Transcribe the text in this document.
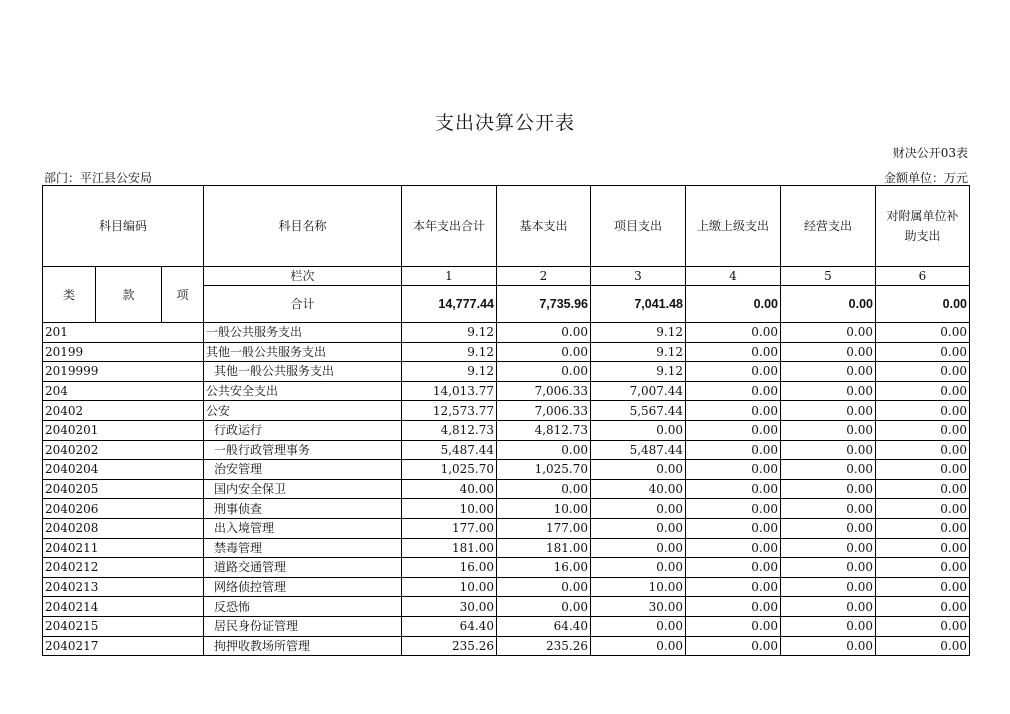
支出决算公开表
财决公开03表
部门：平江县公安局	金额单位：万元
科目编码			科目名称	本年支出合计	基本支出	项目支出	上缴上级支出	经营支出	对附属单位补助支出
类	款	项	栏次	1	2	3	4	5	6
			合计	14,777.44	7,735.96	7,041.48	0.00	0.00	0.00
201			一般公共服务支出	9.12	0.00	9.12	0.00	0.00	0.00
20199			其他一般公共服务支出	9.12	0.00	9.12	0.00	0.00	0.00
2019999			其他一般公共服务支出	9.12	0.00	9.12	0.00	0.00	0.00
204			公共安全支出	14,013.77	7,006.33	7,007.44	0.00	0.00	0.00
20402			公安	12,573.77	7,006.33	5,567.44	0.00	0.00	0.00
2040201			行政运行	4,812.73	4,812.73	0.00	0.00	0.00	0.00
2040202			一般行政管理事务	5,487.44	0.00	5,487.44	0.00	0.00	0.00
2040204			治安管理	1,025.70	1,025.70	0.00	0.00	0.00	0.00
2040205			国内安全保卫	40.00	0.00	40.00	0.00	0.00	0.00
2040206			刑事侦查	10.00	10.00	0.00	0.00	0.00	0.00
2040208			出入境管理	177.00	177.00	0.00	0.00	0.00	0.00
2040211			禁毒管理	181.00	181.00	0.00	0.00	0.00	0.00
2040212			道路交通管理	16.00	16.00	0.00	0.00	0.00	0.00
2040213			网络侦控管理	10.00	0.00	10.00	0.00	0.00	0.00
2040214			反恐怖	30.00	0.00	30.00	0.00	0.00	0.00
2040215			居民身份证管理	64.40	64.40	0.00	0.00	0.00	0.00
2040217			拘押收教场所管理	235.26	235.26	0.00	0.00	0.00	0.00
